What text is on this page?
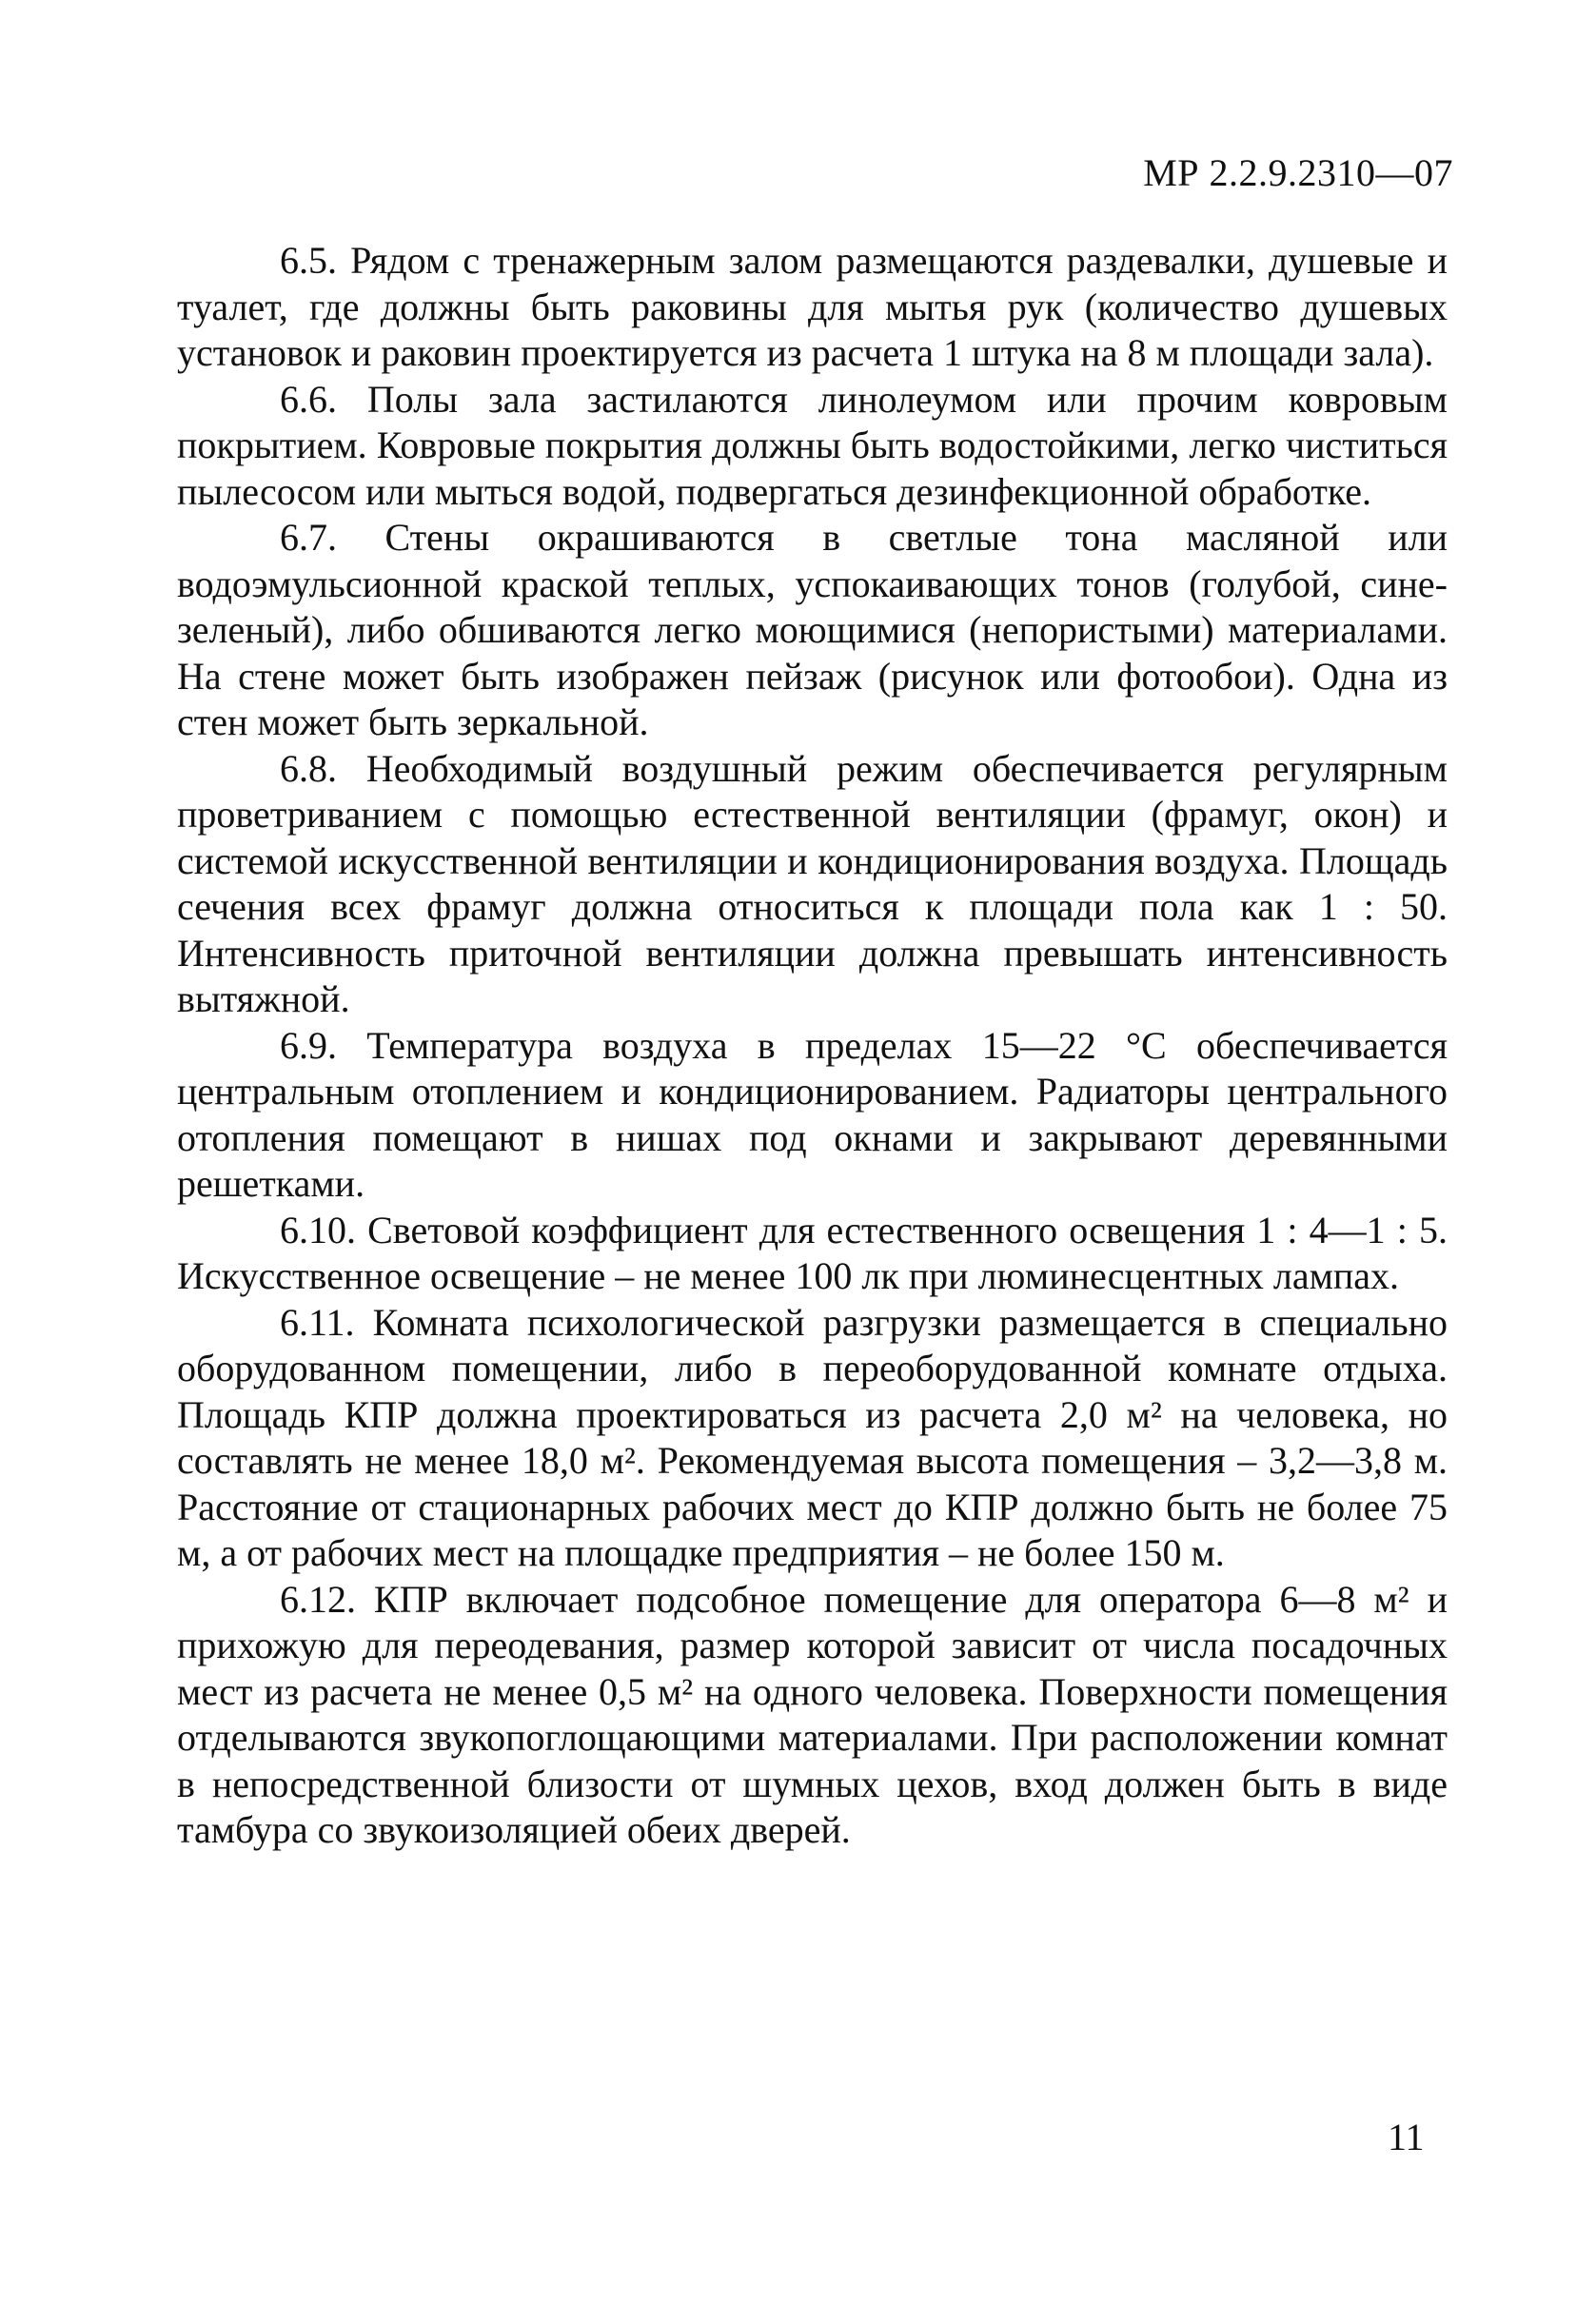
МР 2.2.9.2310—07

6.5. Рядом с тренажерным залом размещаются раздевалки, душевые и туалет, где должны быть раковины для мытья рук (количество душевых установок и раковин проектируется из расчета 1 штука на 8 м площади зала).

6.6. Полы зала застилаются линолеумом или прочим ковровым покрытием. Ковровые покрытия должны быть водостойкими, легко чиститься пылесосом или мыться водой, подвергаться дезинфекционной обработке.

6.7. Стены окрашиваются в светлые тона масляной или водоэмульсионной краской теплых, успокаивающих тонов (голубой, сине-зеленый), либо обшиваются легко моющимися (непористыми) материалами. На стене может быть изображен пейзаж (рисунок или фотообои). Одна из стен может быть зеркальной.

6.8. Необходимый воздушный режим обеспечивается регулярным проветриванием с помощью естественной вентиляции (фрамуг, окон) и системой искусственной вентиляции и кондиционирования воздуха. Площадь сечения всех фрамуг должна относиться к площади пола как 1 : 50. Интенсивность приточной вентиляции должна превышать интенсивность вытяжной.

6.9. Температура воздуха в пределах 15—22 °С обеспечивается центральным отоплением и кондиционированием. Радиаторы центрального отопления помещают в нишах под окнами и закрывают деревянными решетками.

6.10. Световой коэффициент для естественного освещения 1 : 4—1 : 5. Искусственное освещение – не менее 100 лк при люминесцентных лампах.

6.11. Комната психологической разгрузки размещается в специально оборудованном помещении, либо в переоборудованной комнате отдыха. Площадь КПР должна проектироваться из расчета 2,0 м² на человека, но составлять не менее 18,0 м². Рекомендуемая высота помещения – 3,2—3,8 м. Расстояние от стационарных рабочих мест до КПР должно быть не более 75 м, а от рабочих мест на площадке предприятия – не более 150 м.

6.12. КПР включает подсобное помещение для оператора 6—8 м² и прихожую для переодевания, размер которой зависит от числа посадочных мест из расчета не менее 0,5 м² на одного человека. Поверхности помещения отделываются звукопоглощающими материалами. При расположении комнат в непосредственной близости от шумных цехов, вход должен быть в виде тамбура со звукоизоляцией обеих дверей.

11
